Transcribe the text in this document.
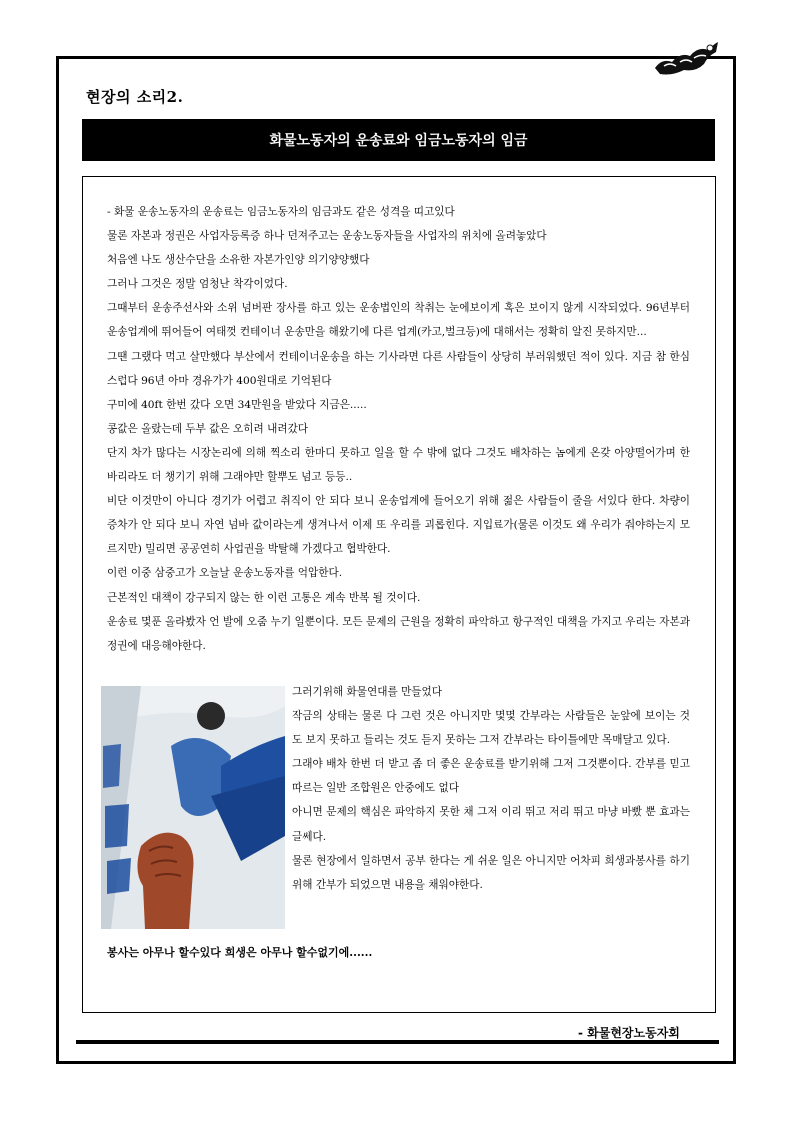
현장의 소리2.
화물노동자의 운송료와 임금노동자의 임금

- 화물 운송노동자의 운송료는 임금노동자의 임금과도 같은 성격을 띠고있다

물론 자본과 정권은 사업자등록증 하나 던져주고는 운송노동자들을 사업자의 위치에 올려놓았다

처음엔 나도 생산수단을 소유한 자본가인양 의기양양했다

그러나 그것은 정말 엄청난 착각이었다.

그때부터 운송주선사와 소위 넘버판 장사를 하고 있는 운송법인의 착취는 눈에보이게 혹은 보이지 않게 시작되었다. 96년부터 운송업계에 뛰어들어 여태껏 컨테이너 운송만을 해왔기에 다른 업계(카고,벌크등)에 대해서는 정확히 알진 못하지만...

그땐 그랬다 먹고 살만했다 부산에서 컨테이너운송을 하는 기사라면 다른 사람들이 상당히 부러워했던 적이 있다. 지금 참 한심스럽다 96년 아마 경유가가 400원대로 기억된다

구미에 40ft 한번 갔다 오면 34만원을 받았다 지금은.....

콩값은 올랐는데 두부 값은 오히려 내려갔다

단지 차가 많다는 시장논리에 의해 찍소리 한마디 못하고 일을 할 수 밖에 없다 그것도 배차하는 놈에게 온갖 아양떨어가며 한 바리라도 더 챙기기 위해 그래야만 할뿌도 넘고 등등..

비단 이것만이 아니다 경기가 어렵고 취직이 안 되다 보니 운송업계에 들어오기 위해 젊은 사람들이 줄을 서있다 한다. 차량이 증차가 안 되다 보니 자연 넘바 값이라는게 생겨나서 이제 또 우리를 괴롭힌다. 지입료가(물론 이것도 왜 우리가 줘야하는지 모르지만) 밀리면 공공연히 사업권을 박탈해 가겠다고 협박한다.

이런 이중 삼중고가 오늘날 운송노동자를 억압한다.

근본적인 대책이 강구되지 않는 한 이런 고통은 계속 반복 될 것이다.

운송료 몇푼 올라봤자 언 발에 오줌 누기 일뿐이다. 모든 문제의 근원을 정확히 파악하고 항구적인 대책을 가지고 우리는 자본과 정권에 대응해야한다.

그러기위해 화물연대를 만들었다

작금의 상태는 물론 다 그런 것은 아니지만 몇몇 간부라는 사람들은 눈앞에 보이는 것도 보지 못하고 들리는 것도 듣지 못하는 그저 간부라는 타이틀에만 목매달고 있다.

그래야 배차 한번 더 받고 좀 더 좋은 운송료를 받기위해 그저 그것뿐이다. 간부를 믿고 따르는 일반 조합원은 안중에도 없다

아니면 문제의 핵심은 파악하지 못한 채 그저 이리 뛰고 저리 뛰고 마냥 바빴 뿐 효과는 글쎄다.

물론 현장에서 일하면서 공부 한다는 게 쉬운 일은 아니지만 어차피 희생과봉사를 하기위해 간부가 되었으면 내용을 채워야한다.

봉사는 아무나 할수있다 희생은 아무나 할수없기에......
- 화물현장노동자회
